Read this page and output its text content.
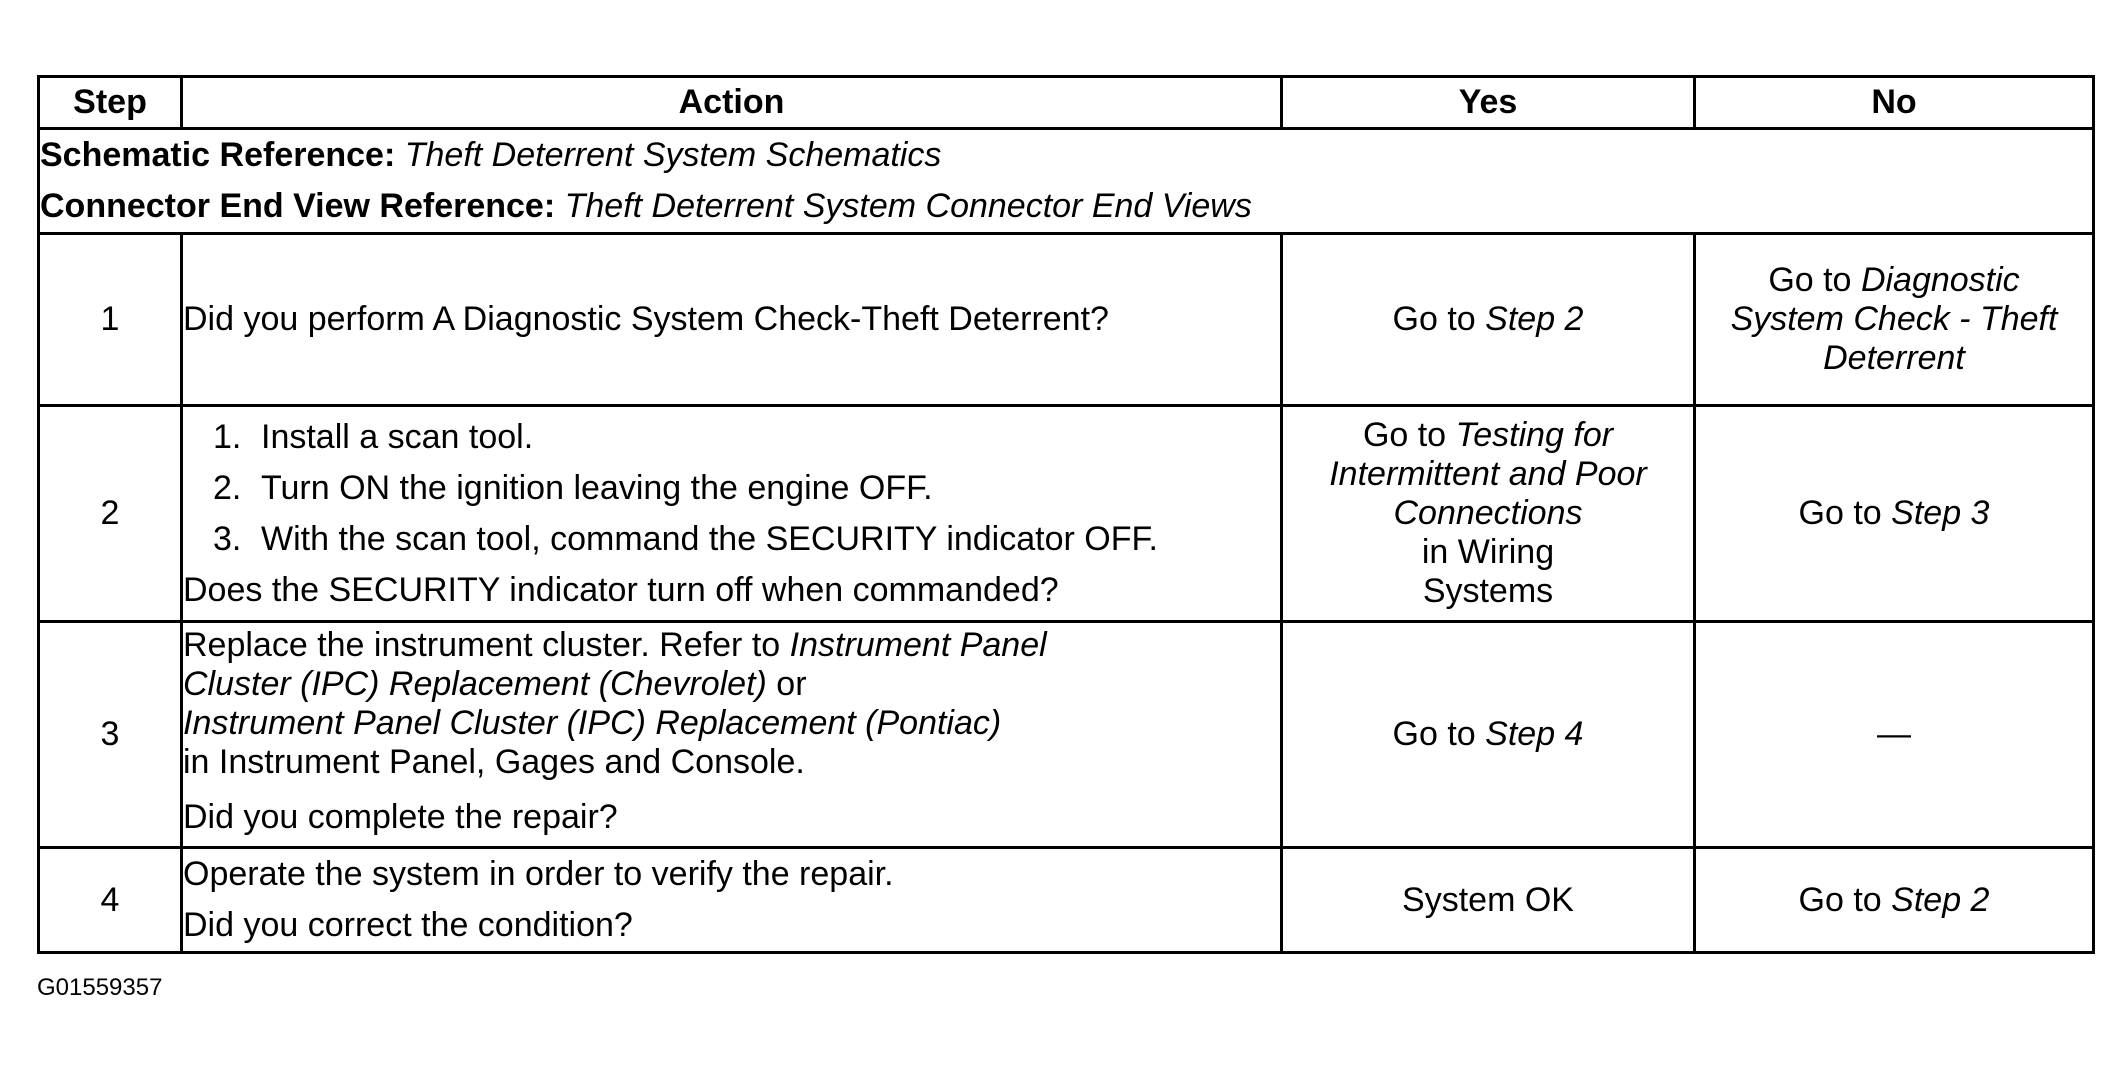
Step	Action	Yes	No

Schematic Reference: Theft Deterrent System Schematics
Connector End View Reference: Theft Deterrent System Connector End Views			

1	Did you perform A Diagnostic System Check-Theft Deterrent?	Go to Step 2	Go to Diagnostic
System Check - Theft
Deterrent

2	1. Install a scan tool.
2. Turn ON the ignition leaving the engine OFF.
3. With the scan tool, command the SECURITY indicator OFF.
Does the SECURITY indicator turn off when commanded?	Go to Testing for
Intermittent and Poor
Connections
in Wiring
Systems	Go to Step 3
3	Replace the instrument cluster. Refer to Instrument Panel
Cluster (IPC) Replacement (Chevrolet) or
Instrument Panel Cluster (IPC) Replacement (Pontiac)
in Instrument Panel, Gages and Console.
Did you complete the repair?	Go to Step 4	—
4	Operate the system in order to verify the repair.
Did you correct the condition?	System OK	Go to Step 2
G01559357
